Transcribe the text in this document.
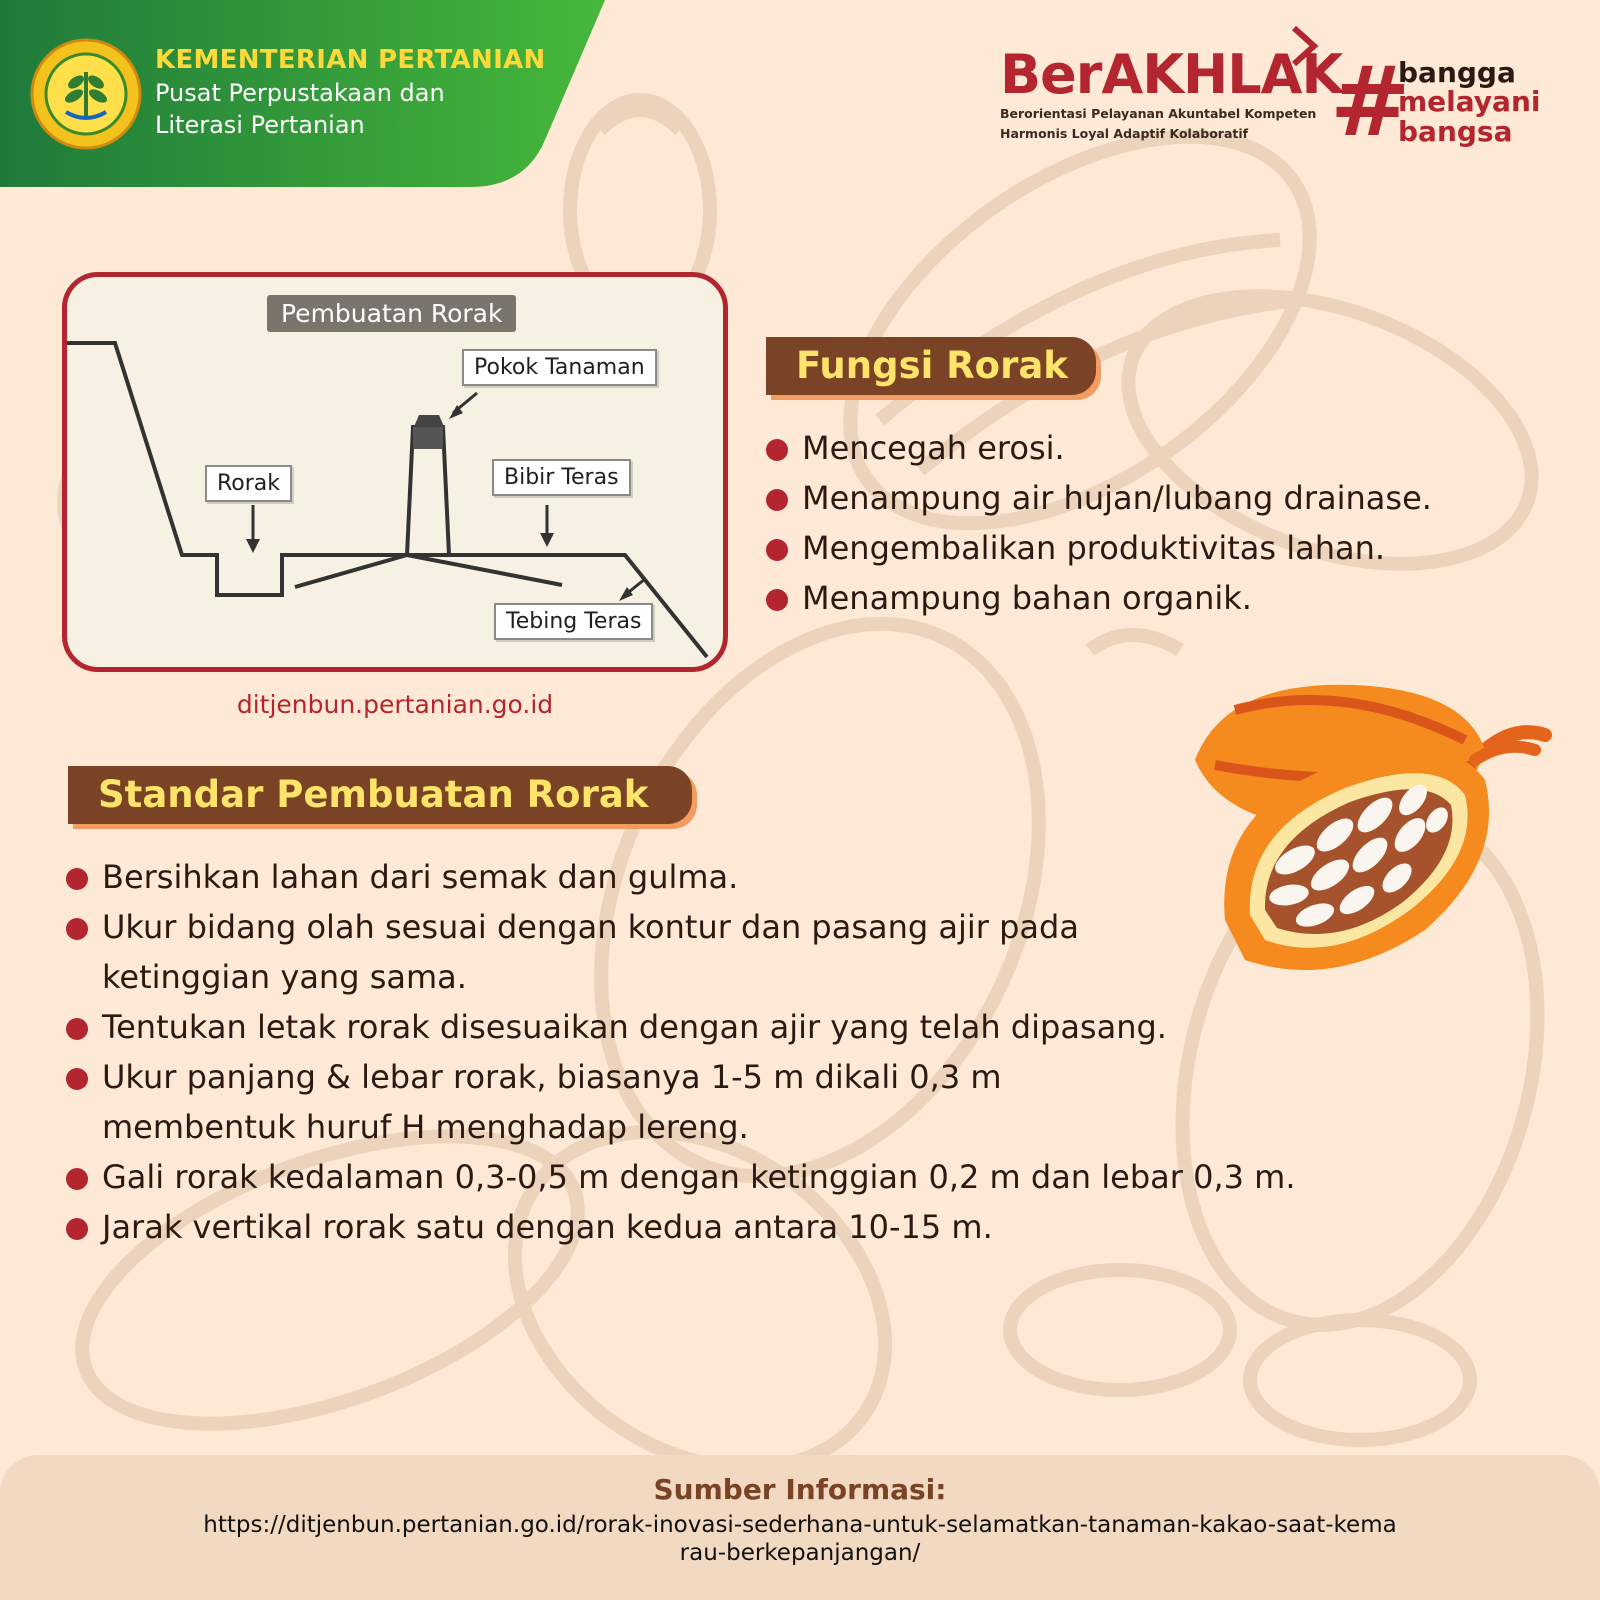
KEMENTERIAN PERTANIAN
Pusat Perpustakaan dan
Literasi Pertanian
BerAKHLAK
Berorientasi Pelayanan Akuntabel Kompeten
Harmonis Loyal Adaptif Kolaboratif #
bangga
melayani
bangsa
Pembuatan Rorak
Pokok Tanaman
Rorak	Bibir Teras
Tebing Teras
ditjenbun.pertanian.go.id
Fungsi Rorak
Mencegah erosi.
Menampung air hujan/lubang drainase.
Mengembalikan produktivitas lahan.
Menampung bahan organik.
Standar Pembuatan Rorak
Bersihkan lahan dari semak dan gulma.
Ukur bidang olah sesuai dengan kontur dan pasang ajir pada ketinggian yang sama.
Tentukan letak rorak disesuaikan dengan ajir yang telah dipasang.
Ukur panjang & lebar rorak, biasanya 1-5 m dikali 0,3 m membentuk huruf H menghadap lereng.
Gali rorak kedalaman 0,3-0,5 m dengan ketinggian 0,2 m dan lebar 0,3 m.
Jarak vertikal rorak satu dengan kedua antara 10-15 m.
Sumber Informasi:
https://ditjenbun.pertanian.go.id/rorak-inovasi-sederhana-untuk-selamatkan-tanaman-kakao-saat-kemarau-berkepanjangan/
